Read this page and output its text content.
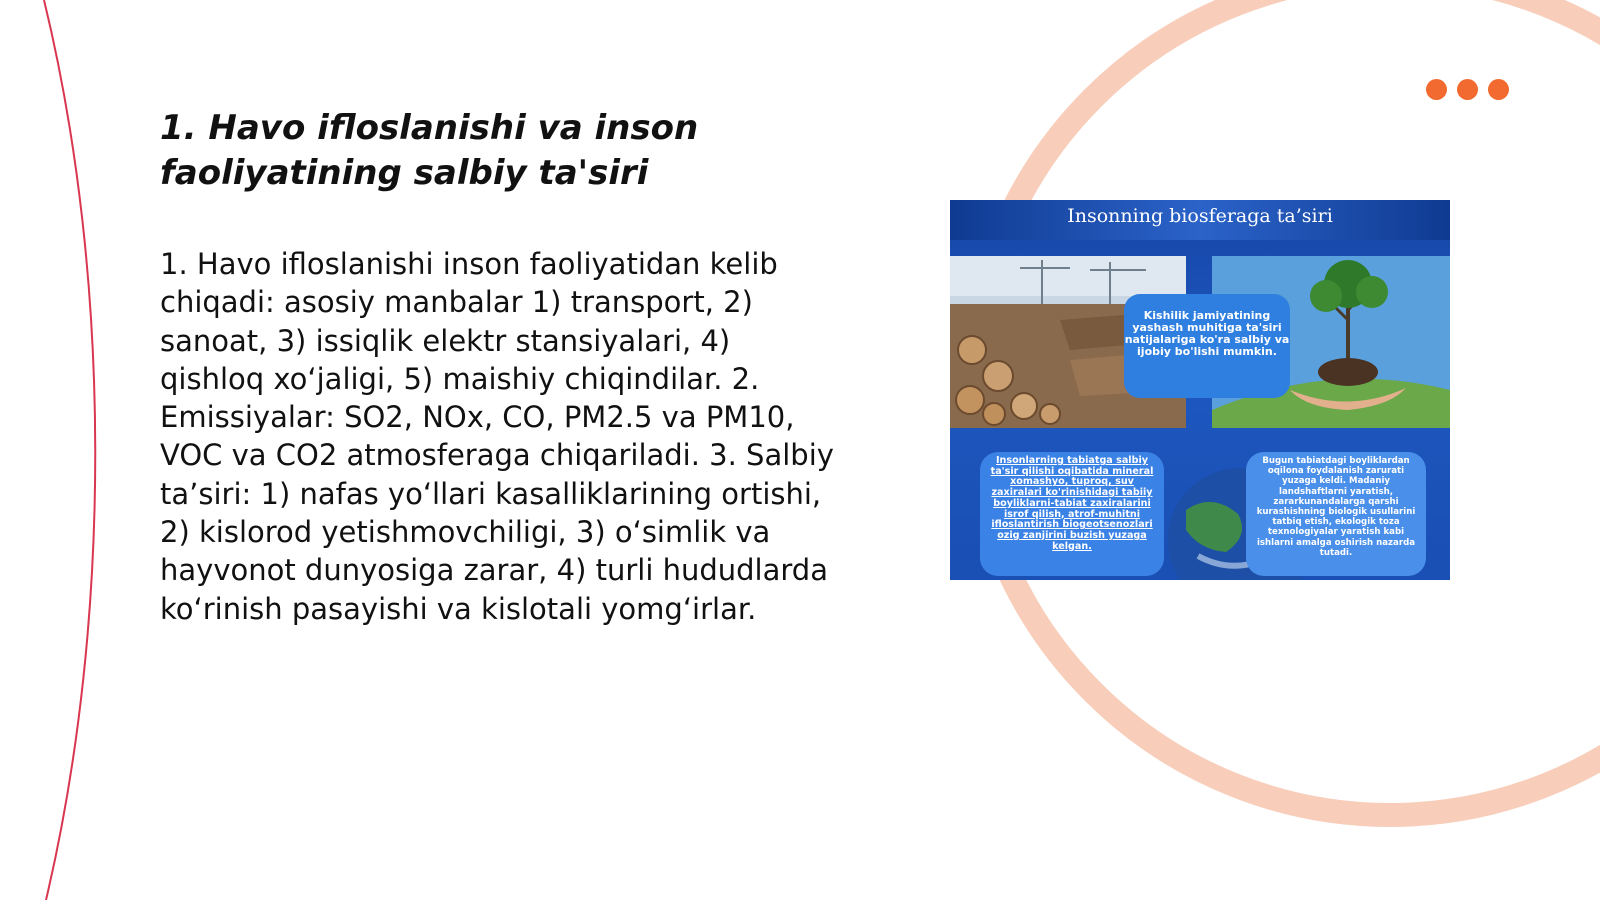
1. Havo ifloslanishi va inson faoliyatining salbiy ta'siri

1. Havo ifloslanishi inson faoliyatidan kelib chiqadi: asosiy manbalar 1) transport, 2) sanoat, 3) issiqlik elektr stansiyalari, 4) qishloq xo‘jaligi, 5) maishiy chiqindilar. 2. Emissiyalar: SO2, NOx, CO, PM2.5 va PM10, VOC va CO2 atmosferaga chiqariladi. 3. Salbiy ta’siri: 1) nafas yo‘llari kasalliklarining ortishi, 2) kislorod yetishmovchiligi, 3) o‘simlik va hayvonot dunyosiga zarar, 4) turli hududlarda ko‘rinish pasayishi va kislotali yomg‘irlar.

Insonning biosferaga ta’siri
Kishilik jamiyatining yashash muhitiga ta'siri natijalariga ko'ra salbiy va ijobiy bo'lishi mumkin.
Insonlarning tabiatga salbiy ta'sir qilishi oqibatida mineral xomashyo, tuproq, suv zaxiralari ko'rinishidagi tabiiy boyliklarni-tabiat zaxiralarini isrof qilish, atrof-muhitni ifloslantirish biogeotsenozlari ozig zanjirini buzish yuzaga kelgan.
Bugun tabiatdagi boyliklardan oqilona foydalanish zarurati yuzaga keldi. Madaniy landshaftlarni yaratish, zararkunandalarga qarshi kurashishning biologik usullarini tatbiq etish, ekologik toza texnologiyalar yaratish kabi ishlarni amalga oshirish nazarda tutadi.
